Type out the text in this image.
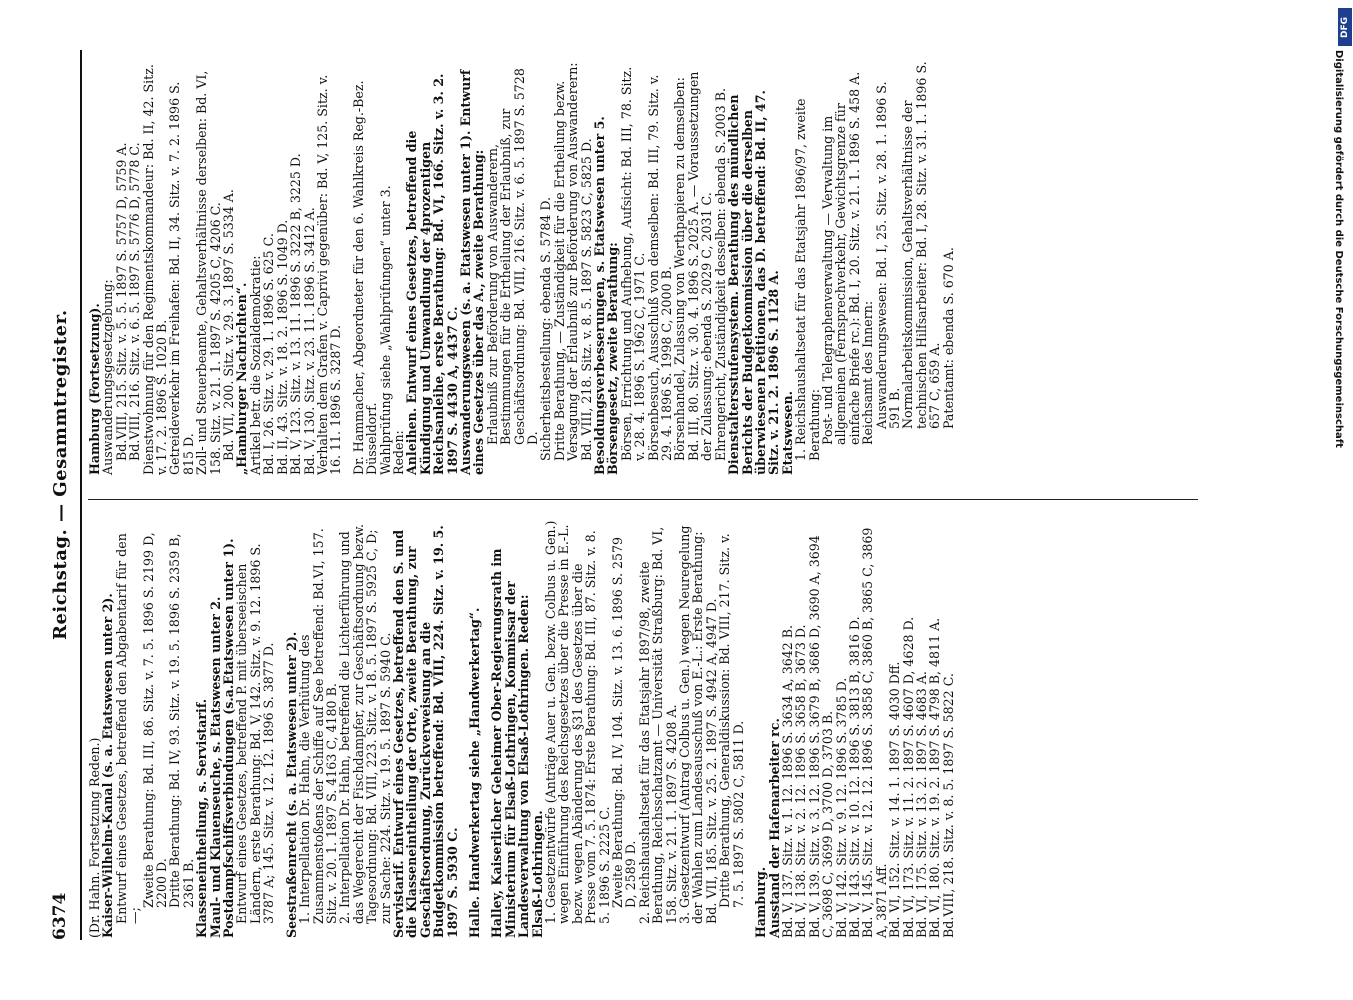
6374
Reichstag. — Gesammtregister.

(Dr. Hahn. Fortsetzung Reden.)

Kaiser-Wilhelm-Kanal (s. a. Etatswesen unter 2).

Entwurf eines Gesetzes, betreffend den Abgabentarif für den —;

Zweite Berathung: Bd. III, 86. Sitz. v. 7. 5. 1896 S. 2199 D, 2200 D.

Dritte Berathung: Bd. IV, 93. Sitz. v. 19. 5. 1896 S. 2359 B, 2361 B.

Klasseneintheilung, s. Servistarif.

Maul- und Klauenseuche, s. Etatswesen unter 2.

Postdampfschiffsverbindungen (s.a.Etatswesen unter 1).

Entwurf eines Gesetzes, betreffend P. mit überseeischen Ländern, erste Berathung: Bd. V, 142. Sitz. v. 9. 12. 1896 S. 3787 A; 145. Sitz. v. 12. 12. 1896 S. 3877 D. Seestraßenrecht (s. a. Etatswesen unter 2).

1. Interpellation Dr. Hahn, die Verhütung des Zusammenstoßens der Schiffe auf See betreffend: Bd.VI, 157. Sitz. v. 20. 1. 1897 S. 4163 C, 4180 B.

2. Interpellation Dr. Hahn, betreffend die Lichterführung und das Wegerecht der Fischdampfer, zur Geschäftsordnung bezw. Tagesordnung: Bd. VIII, 223. Sitz. v. 18. 5. 1897 S. 5925 C, D; zur Sache: 224. Sitz. v. 19. 5. 1897 S. 5940 C.

Servistarif. Entwurf eines Gesetzes, betreffend den S. und die Klasseneintheilung der Orte, zweite Berathung, zur Geschäftsordnung, Zurückverweisung an die Budgetkommission betreffend: Bd. VIII, 224. Sitz. v. 19. 5. 1897 S. 5930 C. Halle. Handwerkertag siehe „Handwerkertag“. Halley, Kaiserlicher Geheimer Ober-Regierungsrath im Ministerium für Elsaß-Lothringen, Kommissar der Landesverwaltung von Elsaß-Lothringen. Reden:

Elsaß-Lothringen.

1. Gesetzentwürfe (Anträge Auer u. Gen. bezw. Colbus u. Gen.) wegen Einführung des Reichsgesetzes über die Presse in E.-L. bezw. wegen Abänderung des §31 des Gesetzes über die Presse vom 7. 5. 1874: Erste Berathung: Bd. III, 87. Sitz. v. 8. 5. 1896 S. 2225 C.

Zweite Berathung: Bd. IV, 104. Sitz. v. 13. 6. 1896 S. 2579 D, 2589 D.

2. Reichshaushaltsetat für das Etatsjahr 1897/98, zweite Berathung, Reichsschatzamt — Universität Straßburg: Bd. VI, 158. Sitz. v. 21. 1. 1897 S. 4208 A.

3. Gesetzentwurf (Antrag Colbus u. Gen.) wegen Neuregelung der Wahlen zum Landesausschuß von E.-L.: Erste Berathung: Bd. VII, 185. Sitz. v. 25. 2. 1897 S. 4942 A, 4947 D.

Dritte Berathung, Generaldiskussion: Bd. VIII, 217. Sitz. v. 7. 5. 1897 S. 5802 C, 5811 D. Hamburg.

Ausstand der Hafenarbeiter rc.

Bd. V, 137. Sitz. v. 1. 12. 1896 S. 3634 A, 3642 B.

Bd. V, 138. Sitz. v. 2. 12. 1896 S. 3658 B, 3673 D.

Bd. V, 139. Sitz. v. 3. 12. 1896 S. 3679 B, 3686 D, 3690 A, 3694 C, 3698 C, 3699 D, 3700 D, 3703 B.

Bd. V, 142. Sitz. v. 9. 12. 1896 S. 3785 D.

Bd. V, 143. Sitz. v. 10. 12. 1896 S. 3813 B, 3816 D.

Bd. V, 145. Sitz. v. 12. 12. 1896 S. 3858 C, 3860 B, 3865 C, 3869 A, 3871 Aff.

Bd. VI, 152. Sitz. v. 14. 1. 1897 S. 4030 Dff.

Bd. VI, 173. Sitz. v. 11. 2. 1897 S. 4607 D, 4628 D.

Bd. VI, 175. Sitz. v. 13. 2. 1897 S. 4683 A.

Bd. VI, 180. Sitz. v. 19. 2. 1897 S. 4798 B, 4811 A.

Bd.VIII, 218. Sitz. v. 8. 5. 1897 S. 5822 C.

Hamburg (Fortsetzung).

Auswanderungsgesetzgebung:

Bd.VIII, 215. Sitz. v. 5. 5. 1897 S. 5757 D, 5759 A.

Bd.VIII, 216. Sitz. v. 6. 5. 1897 S. 5776 D, 5778 C.

Dienstwohnung für den Regimentskommandeur: Bd. II, 42. Sitz. v. 17. 2. 1896 S. 1020 B.

Getreideverkehr im Freihafen: Bd. II, 34. Sitz. v. 7. 2. 1896 S. 815 D.

Zoll- und Steuerbeamte, Gehaltsverhältnisse derselben: Bd. VI, 158. Sitz. v. 21. 1. 1897 S. 4205 C, 4206 C.

Bd. VII, 200. Sitz. v. 29. 3. 1897 S. 5334 A.

„Hamburger Nachrichten“.

Artikel betr. die Sozialdemokratie:

Bd. I, 26. Sitz. v. 29. 1. 1896 S. 625 C.

Bd. II, 43. Sitz. v. 18. 2. 1896 S. 1049 D.

Bd. V, 123. Sitz. v. 13. 11. 1896 S. 3222 B, 3225 D.

Bd. V, 130. Sitz. v. 23. 11. 1896 S. 3412 A.

Verhalten dem Grafen v. Caprivi gegenüber: Bd. V, 125. Sitz. v. 16. 11. 1896 S. 3287 D. Dr. Hammacher, Abgeordneter für den 6. Wahlkreis Reg.-Bez. Düsseldorf.

Wahlprüfung siehe „Wahlprüfungen“ unter 3.

Reden:

Anleihen. Entwurf eines Gesetzes, betreffend die Kündigung und Umwandlung der 4prozentigen Reichsanleihe, erste Berathung: Bd. VI, 166. Sitz. v. 3. 2. 1897 S. 4430 A, 4437 C.

Auswanderungswesen (s. a. Etatswesen unter 1). Entwurf eines Gesetzes über das A., zweite Berathung:

Erlaubniß zur Beförderung von Auswanderern, Bestimmungen für die Ertheilung der Erlaubniß, zur Geschäftsordnung: Bd. VIII, 216. Sitz. v. 6. 5. 1897 S. 5728 D.

Sicherheitsbestellung: ebenda S. 5784 D.

Dritte Berathung, — Zuständigkeit für die Ertheilung bezw. Versagung der Erlaubniß zur Beförderung von Auswanderern: Bd. VIII, 218. Sitz. v. 8. 5. 1897 S. 5823 C, 5825 D.

Besoldungsverbesserungen, s. Etatswesen unter 5.

Börsengesetz, zweite Berathung:

Börsen, Errichtung und Aufhebung, Aufsicht: Bd. III, 78. Sitz. v. 28. 4. 1896 S. 1962 C, 1971 C.

Börsenbesuch, Ausschluß von demselben: Bd. III, 79. Sitz. v. 29. 4. 1896 S. 1998 C, 2000 B.

Börsenhandel, Zulassung von Werthpapieren zu demselben: Bd. III, 80. Sitz. v. 30. 4. 1896 S. 2025 A. — Voraussetzungen der Zulassung: ebenda S. 2029 C, 2031 C.

Ehrengericht, Zuständigkeit desselben: ebenda S. 2003 B.

Dienstaltersstufensystem. Berathung des mündlichen Berichts der Budgetkommission über die derselben überwiesenen Petitionen, das D. betreffend: Bd. II, 47. Sitz. v. 21. 2. 1896 S. 1128 A.

Etatswesen.

1. Reichshaushaltsetat für das Etatsjahr 1896/97, zweite Berathung:

Post- und Telegraphenverwaltung — Verwaltung im allgemeinen (Fernsprechverkehr, Gewichtsgrenze für einfache Briefe rc.): Bd. I, 20. Sitz. v. 21. 1. 1896 S. 458 A.

Reichsamt des Innern:

Auswanderungswesen: Bd. I, 25. Sitz. v. 28. 1. 1896 S. 591 B.

Normalarbeitskommission, Gehaltsverhältnisse der technischen Hilfsarbeiter: Bd. I, 28. Sitz. v. 31. 1. 1896 S. 657 C, 659 A.

Patentamt: ebenda S. 670 A.	Digitalisierung gefördert durch die Deutsche Forschungsgemeinschaft
DFG
